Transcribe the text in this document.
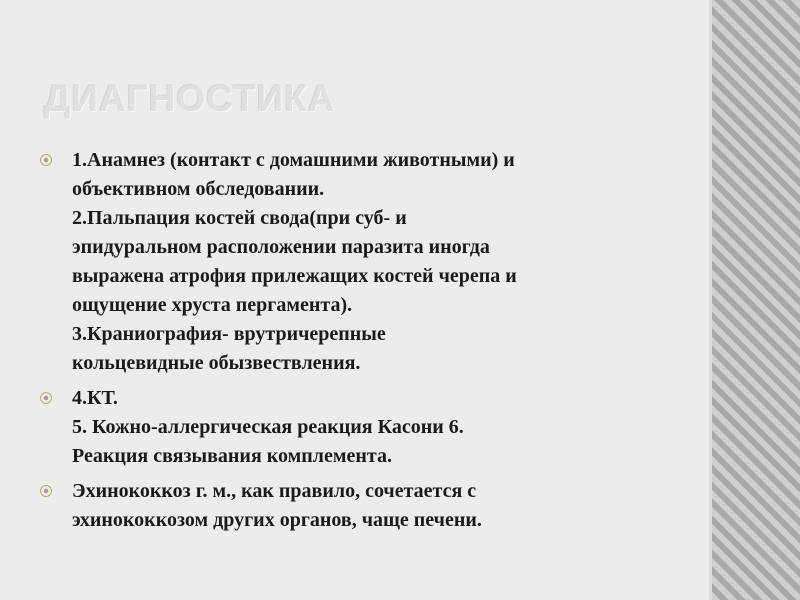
ДИАГНОСТИКА
1.Анамнез (контакт с домашними животными) и
объективном обследовании.
2.Пальпация костей свода(при суб- и
эпидуральном расположении паразита иногда
выражена атрофия прилежащих костей черепа и
ощущение хруста пергамента).
3.Краниография- врутричерепные
кольцевидные обызвествления.
4.КТ.
5. Кожно-аллергическая реакция Касони 6.
Реакция связывания комплемента.
Эхинококкоз г. м., как правило, сочетается с
эхинококкозом других органов, чаще печени.
